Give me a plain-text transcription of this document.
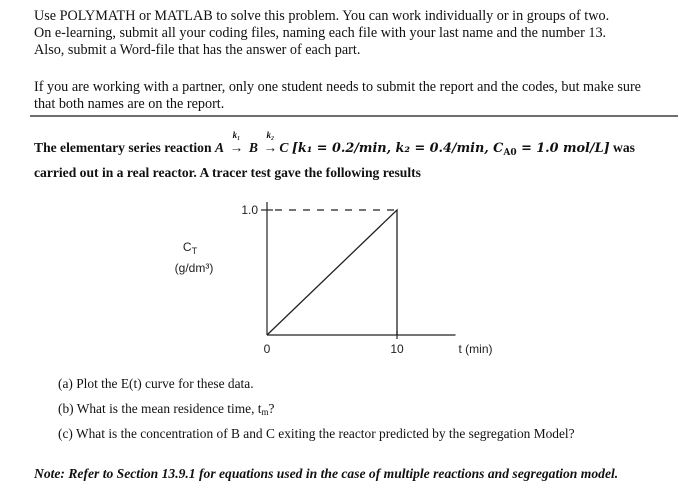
Use POLYMATH or MATLAB to solve this problem. You can work individually or in groups of two.
On e-learning, submit all your coding files, naming each file with your last name and the number 13.
Also, submit a Word-file that has the answer of each part.
If you are working with a partner, only one student needs to submit the report and the codes, but make sure
that both names are on the report.
The elementary series reaction A
k₁
→ B
k₂
→ C [k₁ = 0.2/min, k₂ = 0.4/min, $C_{A0} = 1.0$ mol/L] was
carried out in a real reactor. A tracer test gave the following results
$C_T$
(g/dm³)
1.0
0	10	t (min)
(a) Plot the E(t) curve for these data.
(b) What is the mean residence time, tm?
(c) What is the concentration of B and C exiting the reactor predicted by the segregation Model?
Note: Refer to Section 13.9.1 for equations used in the case of multiple reactions and segregation model.
